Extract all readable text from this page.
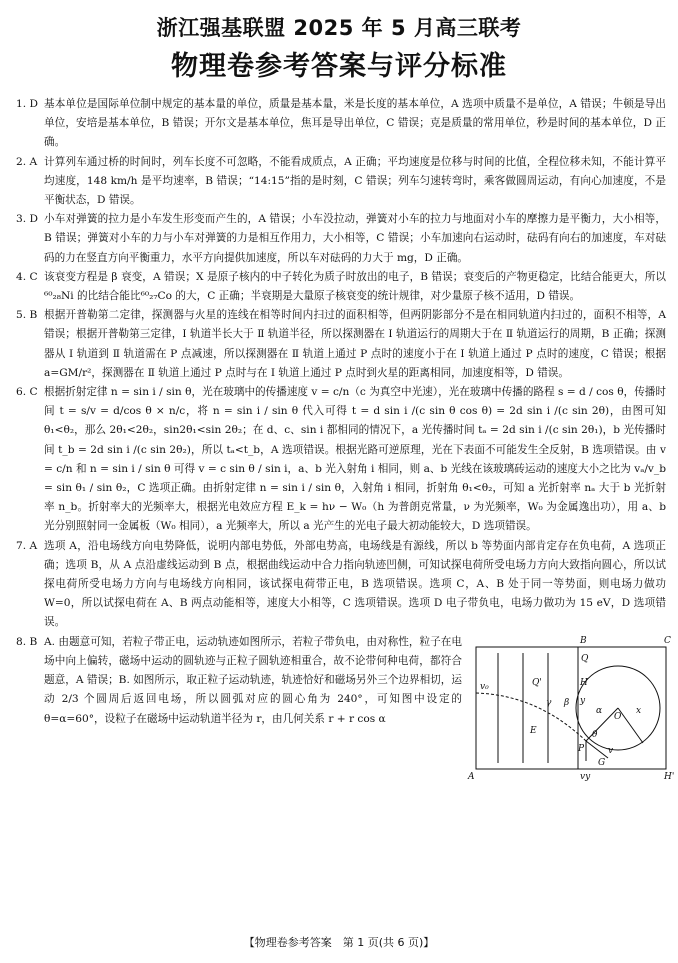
浙江强基联盟 2025 年 5 月高三联考
物理卷参考答案与评分标准
1. D 基本单位是国际单位制中规定的基本量的单位，质量是基本量，米是长度的基本单位，A 选项中质量不是单位，A 错误；牛顿是导出单位，安培是基本单位，B 错误；开尔文是基本单位，焦耳是导出单位，C 错误；克是质量的常用单位，秒是时间的基本单位，D 正确。
2. A 计算列车通过桥的时间时，列车长度不可忽略，不能看成质点，A 正确；平均速度是位移与时间的比值，全程位移未知，不能计算平均速度，148 km/h 是平均速率，B 错误；“14:15”指的是时刻，C 错误；列车匀速转弯时，乘客做圆周运动，有向心加速度，不是平衡状态，D 错误。
3. D 小车对弹簧的拉力是小车发生形变而产生的，A 错误；小车没拉动，弹簧对小车的拉力与地面对小车的摩擦力是平衡力，大小相等，B 错误；弹簧对小车的力与小车对弹簧的力是相互作用力，大小相等，C 错误；小车加速向右运动时，砝码有向右的加速度，车对砝码的力在竖直方向平衡重力，水平方向提供加速度，所以车对砝码的力大于 mg，D 正确。
4. C 该衰变方程是 β 衰变，A 错误；X 是原子核内的中子转化为质子时放出的电子，B 错误；衰变后的产物更稳定，比结合能更大，所以⁶⁰₂₈Ni 的比结合能比⁶⁰₂₇Co 的大，C 正确；半衰期是大量原子核衰变的统计规律，对少量原子核不适用，D 错误。
5. B 根据开普勒第二定律，探测器与火星的连线在相等时间内扫过的面积相等，但两阴影部分不是在相同轨道内扫过的，面积不相等，A 错误；根据开普勒第三定律，Ⅰ 轨道半长大于 Ⅱ 轨道半径，所以探测器在 Ⅰ 轨道运行的周期大于在 Ⅱ 轨道运行的周期，B 正确；探测器从 Ⅰ 轨道到 Ⅱ 轨道需在 P 点减速，所以探测器在 Ⅱ 轨道上通过 P 点时的速度小于在 Ⅰ 轨道上通过 P 点时的速度，C 错误；根据 a=GM/r²，探测器在 Ⅱ 轨道上通过 P 点时与在 Ⅰ 轨道上通过 P 点时到火星的距离相同，加速度相等，D 错误。
6. C 根据折射定律 n = sin i / sin θ，光在玻璃中的传播速度 v = c/n（c 为真空中光速），光在玻璃中传播的路程 s = d / cos θ，传播时间 t = s/v = d/cos θ × n/c，将 n = sin i / sin θ 代入可得 t = d sin i /(c sin θ cos θ) = 2d sin i /(c sin 2θ)，由图可知 θ₁<θ₂，那么 2θ₁<2θ₂，sin2θ₁<sin 2θ₂；在 d、c、sin i 都相同的情况下，a 光传播时间 tₐ = 2d sin i /(c sin 2θ₁)，b 光传播时间 t_b = 2d sin i /(c sin 2θ₂)，所以 tₐ<t_b，A 选项错误。根据光路可逆原理，光在下表面不可能发生全反射，B 选项错误。由 v = c/n 和 n = sin i / sin θ 可得 v = c sin θ / sin i，a、b 光入射角 i 相同，则 a、b 光线在该玻璃砖运动的速度大小之比为 vₐ/v_b = sin θ₁ / sin θ₂，C 选项正确。由折射定律 n = sin i / sin θ，入射角 i 相同，折射角 θ₁<θ₂，可知 a 光折射率 nₐ 大于 b 光折射率 n_b。折射率大的光频率大，根据光电效应方程 E_k = hν − W₀（h 为普朗克常量，ν 为光频率，W₀ 为金属逸出功），用 a、b 光分别照射同一金属板（W₀ 相同），a 光频率大，所以 a 光产生的光电子最大初动能较大，D 选项错误。
7. A 选项 A，沿电场线方向电势降低，说明内部电势低，外部电势高，电场线是有源线，所以 b 等势面内部肯定存在负电荷，A 选项正确；选项 B，从 A 点沿虚线运动到 B 点，根据曲线运动中合力指向轨迹凹侧，可知试探电荷所受电场力方向大致指向圆心，所以试探电荷所受电场力方向与电场线方向相同，该试探电荷带正电，B 选项错误。选项 C，A、B 处于同一等势面，则电场力做功 W=0，所以试探电荷在 A、B 两点动能相等，速度大小相等，C 选项错误。选项 D 电子带负电，电场力做功为 15 eV，D 选项错误。
8. B A. 由题意可知，若粒子带正电，运动轨迹如图所示，若粒子带负电，由对称性，粒子在电场中向上偏转，磁场中运动的圆轨迹与正粒子圆轨迹相重合，故不论带何种电荷，都符合题意，A 错误；B. 如图所示，取正粒子运动轨迹，轨迹恰好和磁场另外三个边界相切，运动 2/3 个圆周后返回电场，所以圆弧对应的圆心角为 240°，可知图中设定的 θ=α=60°，设粒子在磁场中运动轨道半径为 r，由几何关系 r + r cos α
B	C
Q
Q'	H
v₀
γ β
E
y
α
O
x
θ
P	v
G
vy
A	H'
【物理卷参考答案　第 1 页(共 6 页)】
